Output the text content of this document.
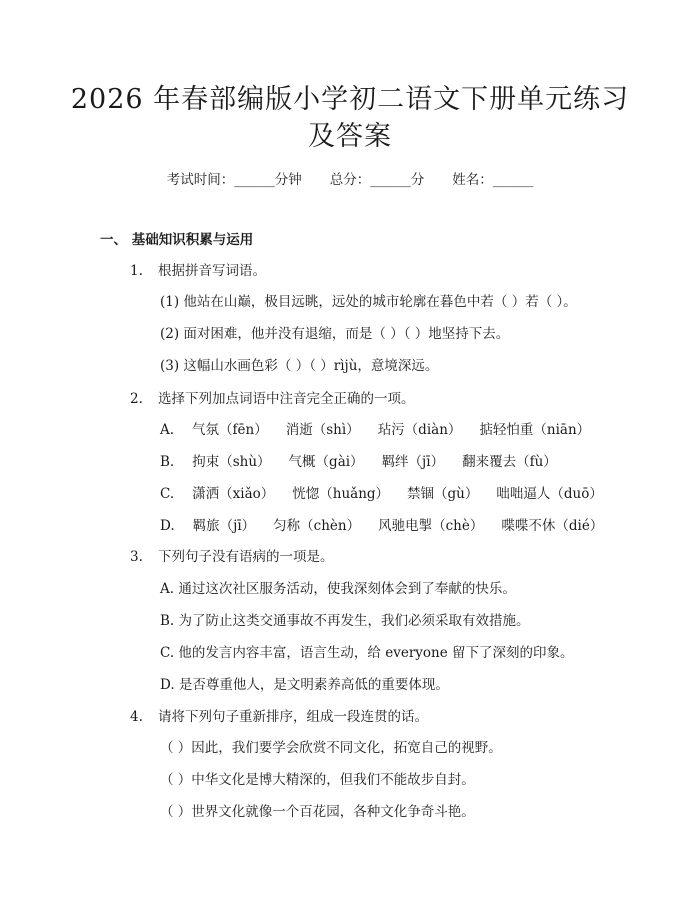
2026 年春部编版小学初二语文下册单元练习
及答案
考试时间：______分钟 总分：______分 姓名：______
一、 基础知识积累与运用
1. 根据拼音写词语。
(1) 他站在山巅，极目远眺，远处的城市轮廓在暮色中若（ ）若（ ）。
(2) 面对困难，他并没有退缩，而是（ ）（ ）地坚持下去。
(3) 这幅山水画色彩（ ）（ ）rìjù，意境深远。
2. 选择下列加点词语中注音完全正确的一项。
A. 气氛（fēn） 消逝（shì） 玷污（diàn） 掂轻怕重（niān）
B. 拘束（shù） 气概（gài） 羁绊（jī） 翻来覆去（fù）
C. 潇洒（xiǎo） 恍惚（huǎng） 禁锢（gù） 咄咄逼人（duō）
D. 羁旅（jī） 匀称（chèn） 风驰电掣（chè） 喋喋不休（dié）
3. 下列句子没有语病的一项是。
A. 通过这次社区服务活动，使我深刻体会到了奉献的快乐。
B. 为了防止这类交通事故不再发生，我们必须采取有效措施。
C. 他的发言内容丰富，语言生动，给 everyone 留下了深刻的印象。
D. 是否尊重他人，是文明素养高低的重要体现。
4. 请将下列句子重新排序，组成一段连贯的话。
（ ）因此，我们要学会欣赏不同文化，拓宽自己的视野。
（ ）中华文化是博大精深的，但我们不能故步自封。
（ ）世界文化就像一个百花园，各种文化争奇斗艳。
